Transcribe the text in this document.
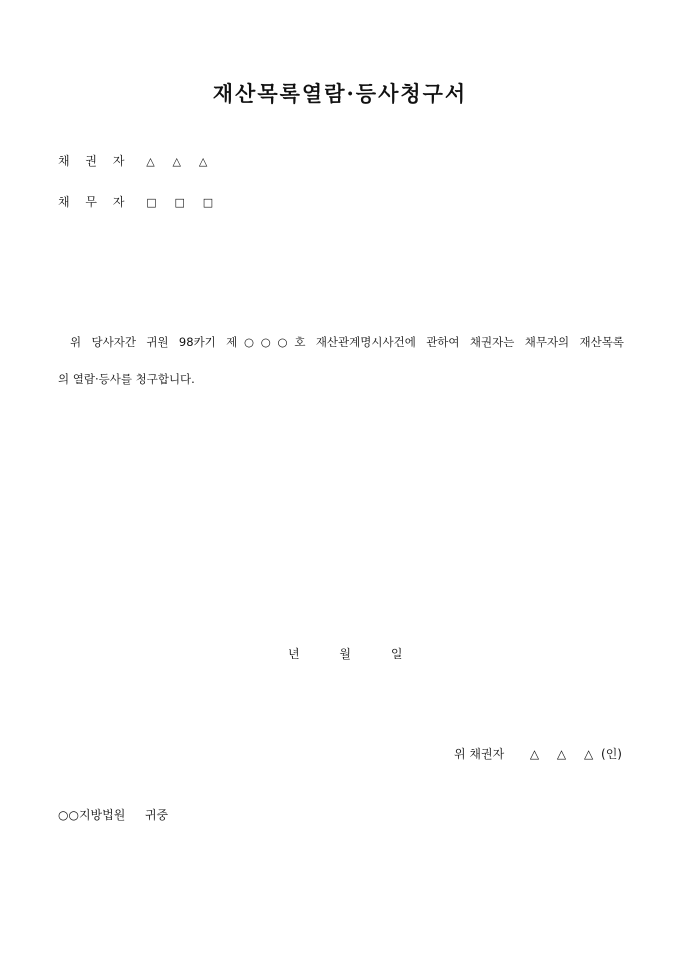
재산목록열람·등사청구서
채 권 자 △ △ △
채 무 자 □ □ □
위 당사자간 귀원 98카기 제○○○호 재산관계명시사건에 관하여 채권자는 채무자의 재산목록
의 열람·등사를 청구합니다.
년	월	일
위 채권자 △ △ △ (인)
○○지방법원 귀중
